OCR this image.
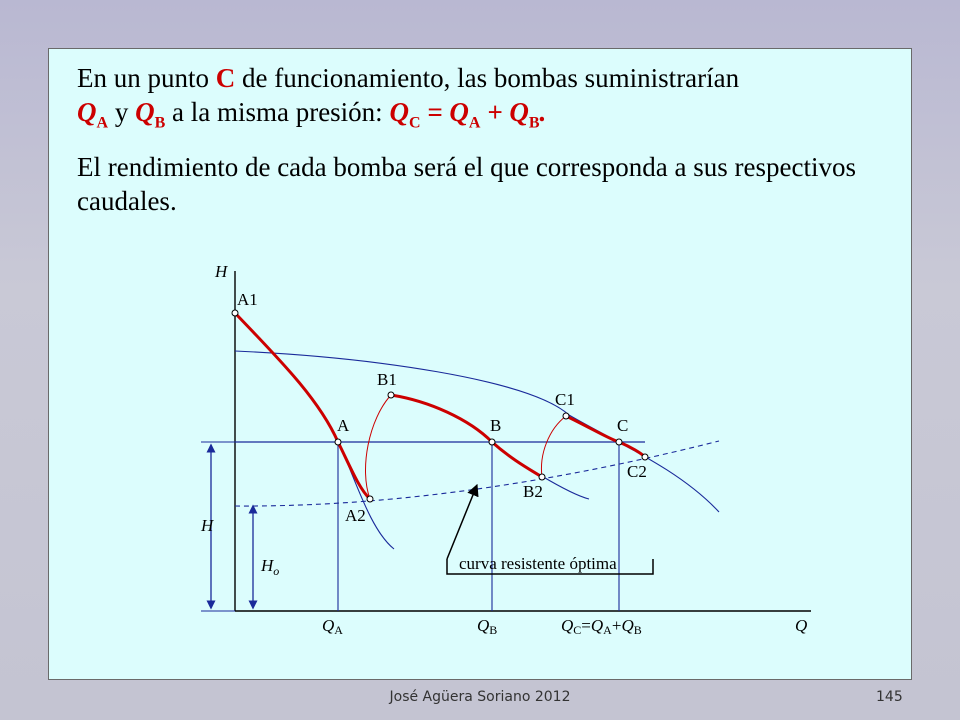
En un punto C de funcionamiento, las bombas suministrarían
$Q_A$ y $Q_B$ a la misma presión: $Q_C = Q_A + Q_B$.

El rendimiento de cada bomba será el que corresponda a sus respectivos caudales.

H
Q
H
$H_o$
A1
B1
C1
A	B	C
A2
B2
C2
curva resistente óptima
QA	QB	QC=QA+QB
José Agüera Soriano 2012	145
